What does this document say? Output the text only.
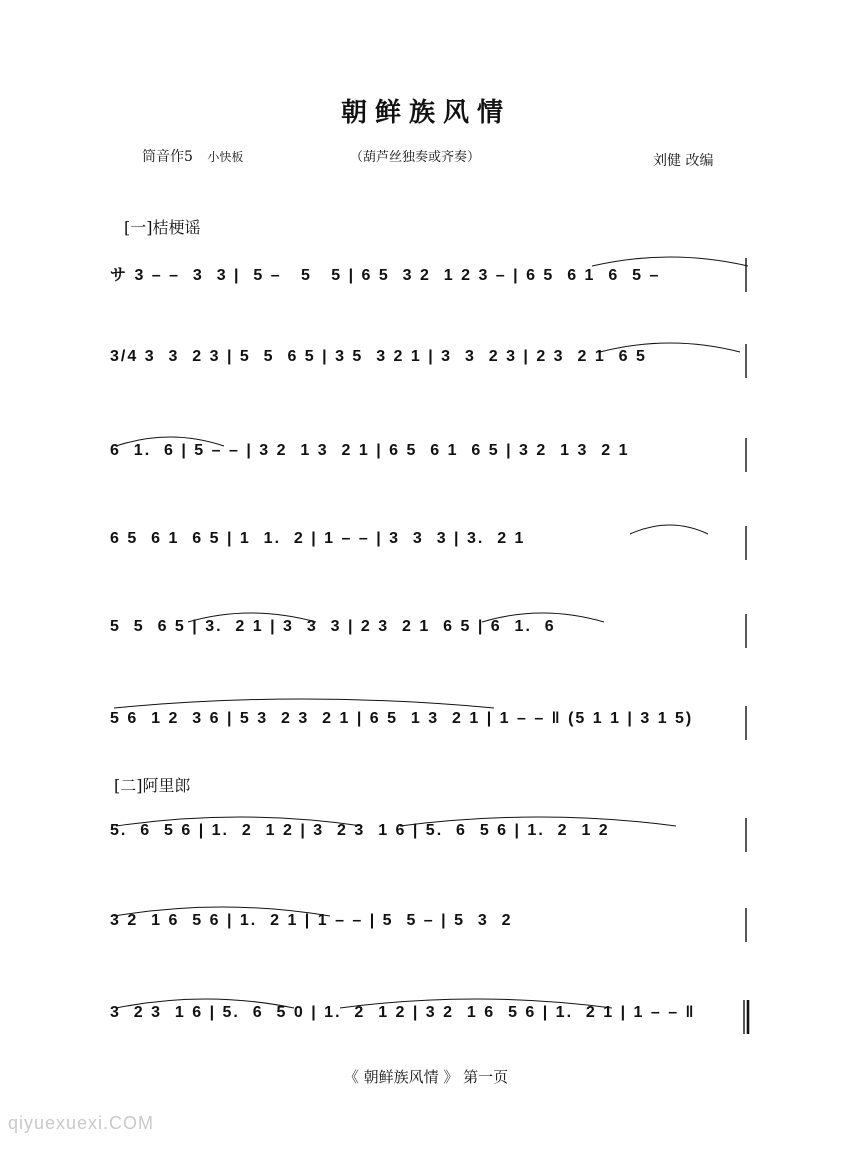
朝鲜族风情
筒音作5 小快板	（葫芦丝独奏或齐奏）	刘健 改编
[一]桔梗谣
[二]阿里郎
サ 3 – –  3  3 |  5 –   5   5 | 6 5  3 2  1 2 3 – | 6 5  6 1  6  5 –
3/4 3  3  2 3 | 5  5  6 5 | 3 5  3 2 1 | 3  3  2 3 | 2 3  2 1  6 5
6  1.  6 | 5 – – | 3 2  1 3  2 1 | 6 5  6 1  6 5 | 3 2  1 3  2 1
6 5  6 1  6 5 | 1  1.  2 | 1 – – | 3  3  3 | 3.  2 1
5  5  6 5 | 3.  2 1 | 3  3  3 | 2 3  2 1  6 5 | 6  1.  6
5 6  1 2  3 6 | 5 3  2 3  2 1 | 6 5  1 3  2 1 | 1 – – ‖ (5 1 1 | 3 1 5)
5.  6  5 6 | 1.  2  1 2 | 3  2 3  1 6 | 5.  6  5 6 | 1.  2  1 2
3 2  1 6  5 6 | 1.  2 1 | 1 – – | 5  5 – | 5  3  2
3  2 3  1 6 | 5.  6  5 0 | 1.  2  1 2 | 3 2  1 6  5 6 | 1.  2 1 | 1 – – ‖
《 朝鲜族风情 》 第一页
qiyuexuexi.COM
